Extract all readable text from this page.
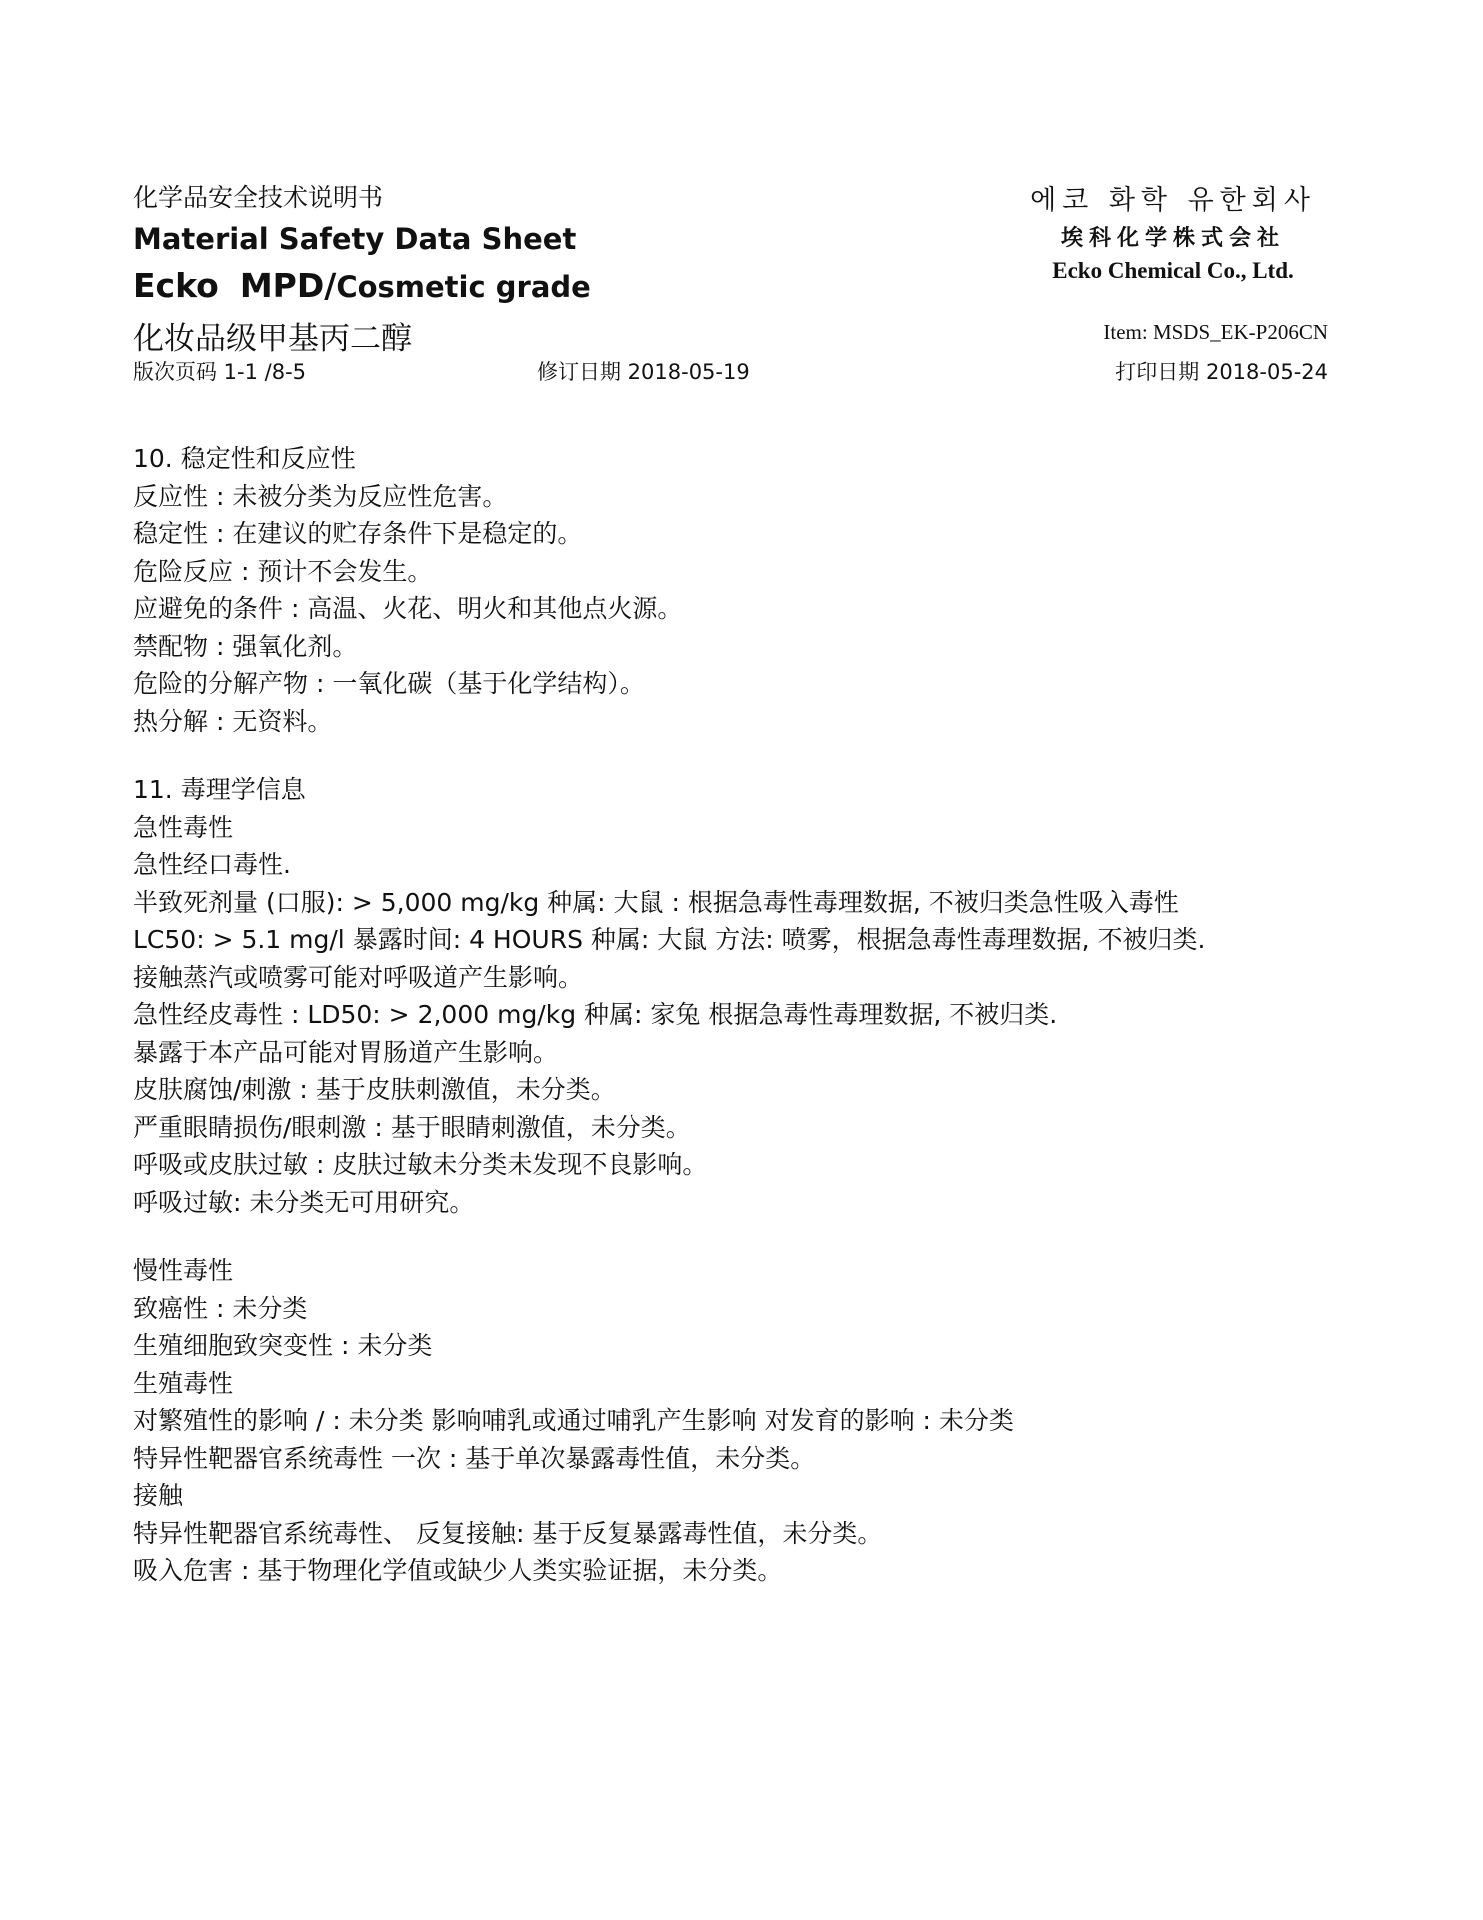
化学品安全技术说明书
Material Safety Data Sheet
Ecko MPD/Cosmetic grade
化妆品级甲基丙二醇
版次页码 1-1 /8-5	修订日期 2018-05-19	打印日期 2018-05-24
에코 화학 유한회사
埃科化学株式会社
Ecko Chemical Co., Ltd.
Item: MSDS_EK-P206CN
10. 稳定性和反应性
反应性 : 未被分类为反应性危害。
稳定性 : 在建议的贮存条件下是稳定的。
危险反应 : 预计不会发生。
应避免的条件 : 高温、火花、明火和其他点火源。
禁配物 : 强氧化剂。
危险的分解产物 : 一氧化碳（基于化学结构）。
热分解 : 无资料。
11. 毒理学信息
急性毒性
急性经口毒性.
半致死剂量 (口服): > 5,000 mg/kg 种属: 大鼠 : 根据急毒性毒理数据, 不被归类急性吸入毒性
LC50: > 5.1 mg/l 暴露时间: 4 HOURS 种属: 大鼠 方法: 喷雾，根据急毒性毒理数据, 不被归类.
接触蒸汽或喷雾可能对呼吸道产生影响。
急性经皮毒性 : LD50: > 2,000 mg/kg 种属: 家兔 根据急毒性毒理数据, 不被归类.
暴露于本产品可能对胃肠道产生影响。
皮肤腐蚀/刺激 : 基于皮肤刺激值，未分类。
严重眼睛损伤/眼刺激 : 基于眼睛刺激值，未分类。
呼吸或皮肤过敏 : 皮肤过敏未分类未发现不良影响。
呼吸过敏: 未分类无可用研究。
慢性毒性
致癌性 : 未分类
生殖细胞致突变性 : 未分类
生殖毒性
对繁殖性的影响 / : 未分类 影响哺乳或通过哺乳产生影响 对发育的影响 : 未分类
特异性靶器官系统毒性 一次 : 基于单次暴露毒性值，未分类。
接触
特异性靶器官系统毒性、 反复接触: 基于反复暴露毒性值，未分类。
吸入危害 : 基于物理化学值或缺少人类实验证据，未分类。
